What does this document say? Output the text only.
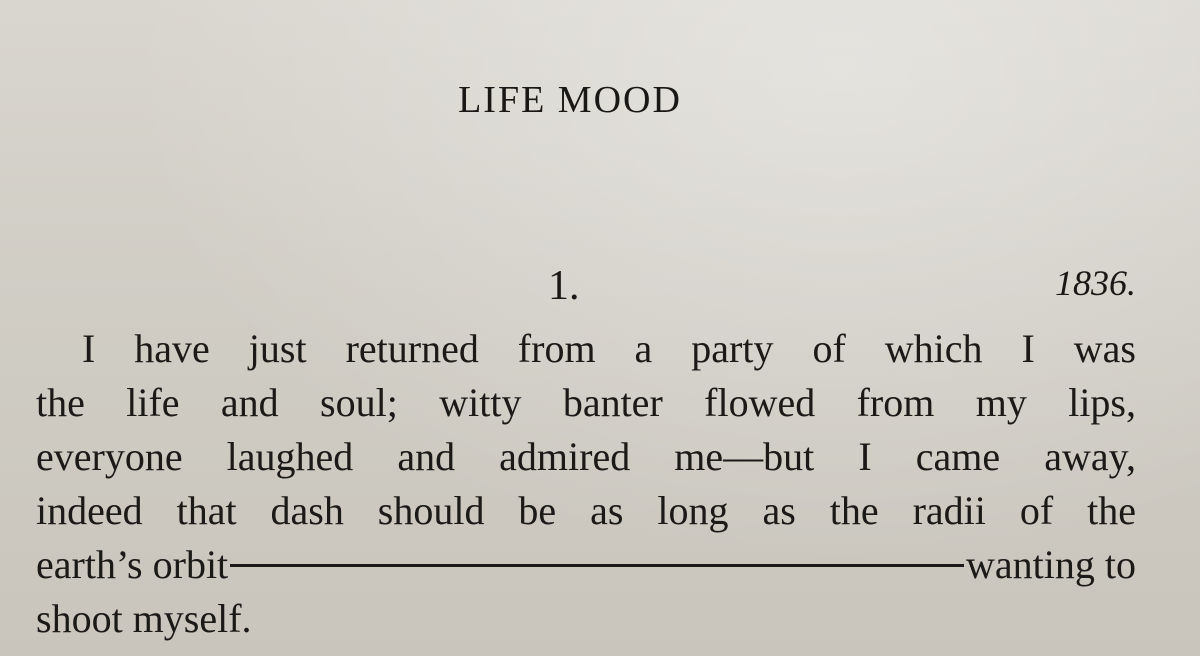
LIFE MOOD
1.	1836.
I have just returned from a party of which I was
the life and soul; witty banter flowed from my lips,
everyone laughed and admired me—but I came away,
indeed that dash should be as long as the radii of the
earth’s orbit	wanting to
shoot myself.
